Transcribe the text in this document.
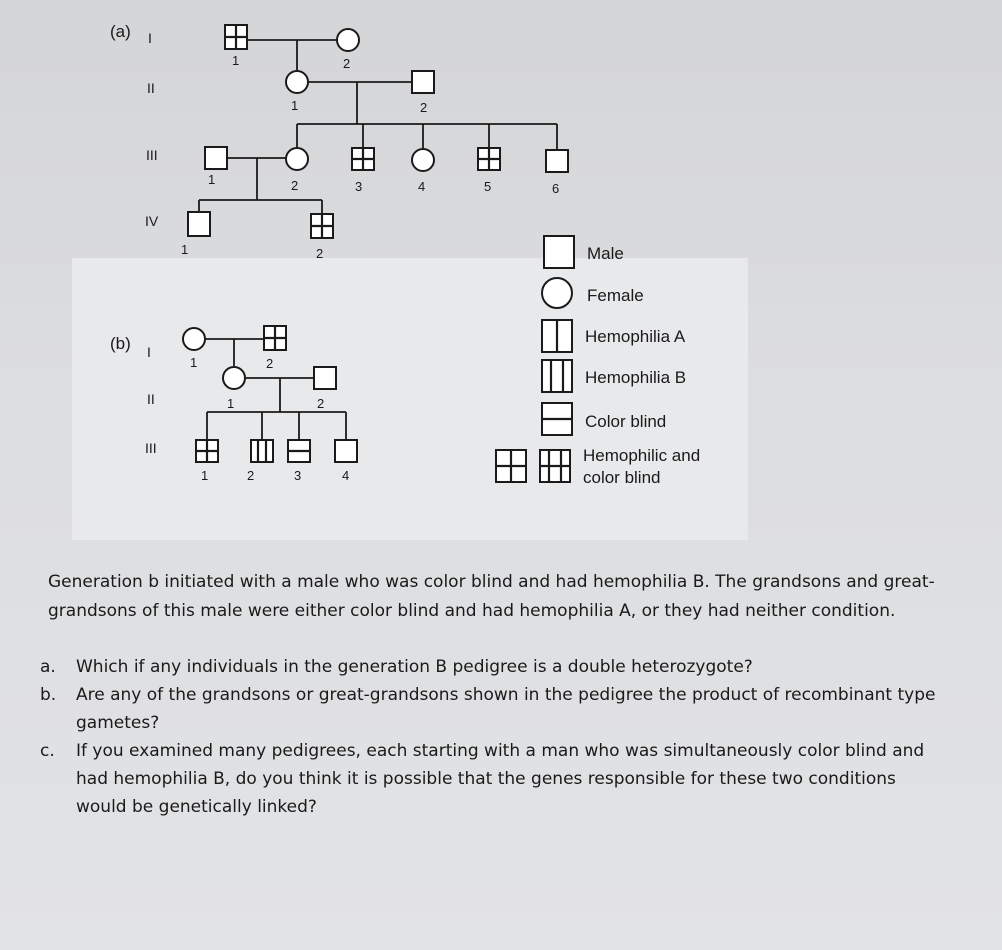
(a) I
II
III
IV
1	2
1	2
1	2	3	4	5	6
1	2
(b) I
II
III
1	2
1	2
1	2	3	4
Male
Female
Hemophilia A
Hemophilia B
Color blind
Hemophilic and
color blind

Generation b initiated with a male who was color blind and had hemophilia B. The grandsons and great-grandsons of this male were either color blind and had hemophilia A, or they had neither condition.

a. Which if any individuals in the generation B pedigree is a double heterozygote?
b. Are any of the grandsons or great-grandsons shown in the pedigree the product of recombinant type gametes?
c. If you examined many pedigrees, each starting with a man who was simultaneously color blind and had hemophilia B, do you think it is possible that the genes responsible for these two conditions would be genetically linked?
